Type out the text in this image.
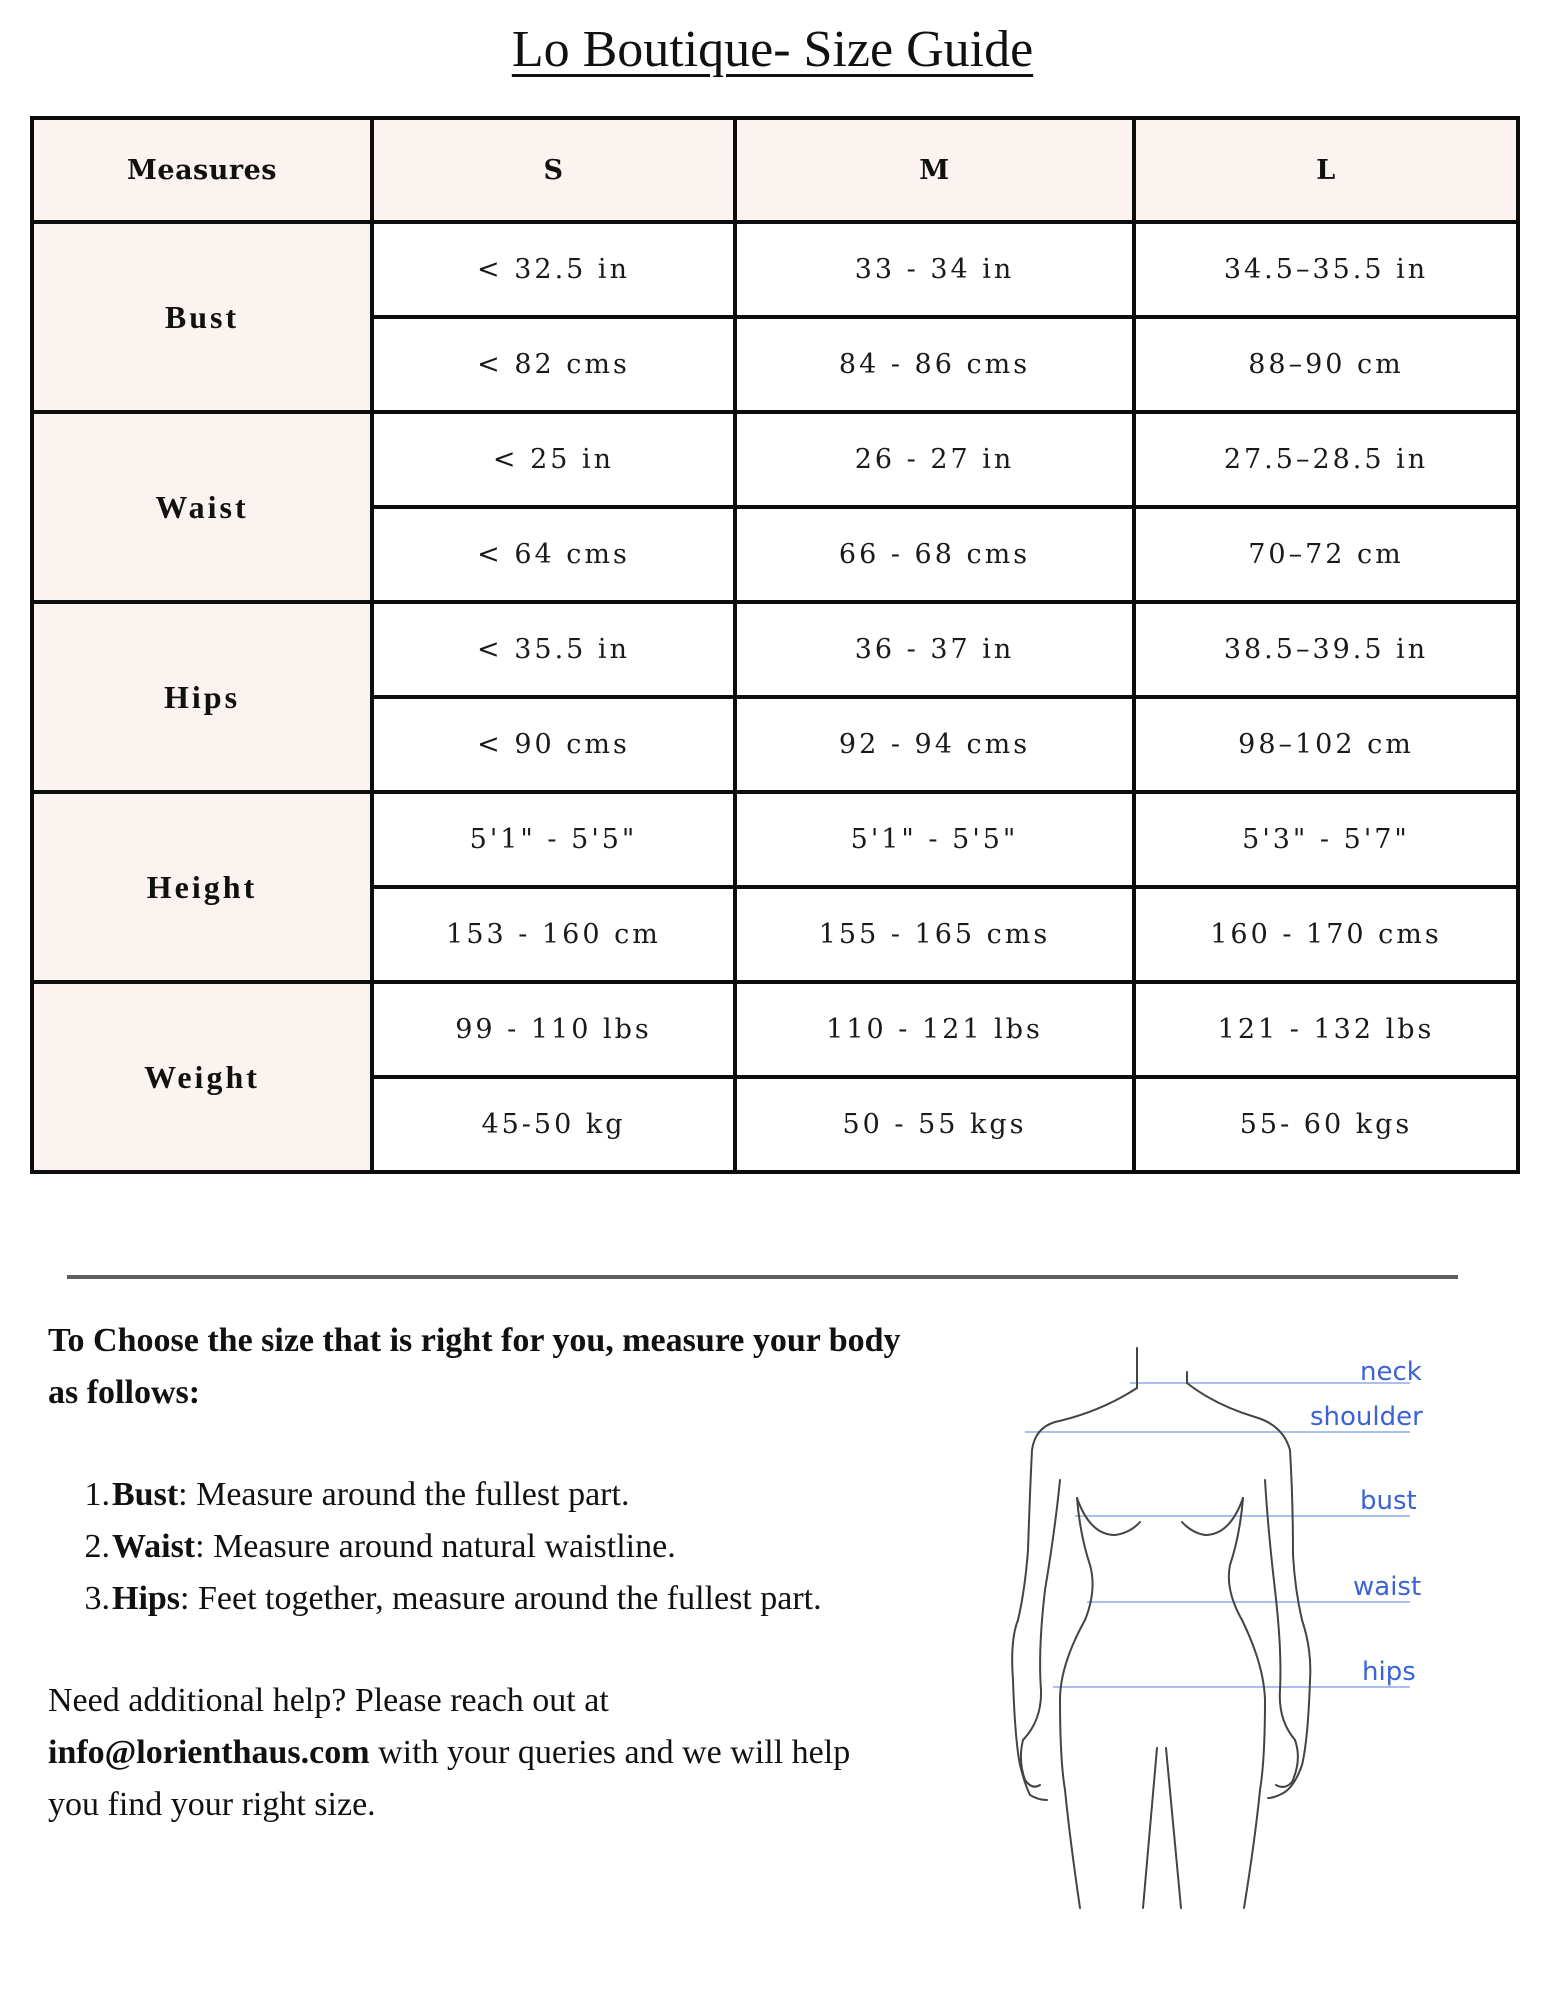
Lo Boutique- Size Guide
Measures	S	M	L
Bust	< 32.5 in	33 - 34 in	34.5–35.5 in
	< 82 cms	84 - 86 cms	88–90 cm
Waist	< 25 in	26 - 27 in	27.5–28.5 in
	< 64 cms	66 - 68 cms	70–72 cm
Hips	< 35.5 in	36 - 37 in	38.5–39.5 in
	< 90 cms	92 - 94 cms	98–102 cm
Height	5'1" - 5'5"	5'1" - 5'5"	5'3" - 5'7"
	153 - 160 cm	155 - 165 cms	160 - 170 cms
Weight	99 - 110 lbs	110 - 121 lbs	121 - 132 lbs
	45-50 kg	50 - 55 kgs	55- 60 kgs

To Choose the size that is right for you, measure your body as follows:

1. Bust: Measure around the fullest part.
2. Waist: Measure around natural waistline.
3. Hips: Feet together, measure around the fullest part.

Need additional help? Please reach out at info@lorienthaus.com with your queries and we will help you find your right size.

neck
shoulder
bust
waist
hips
